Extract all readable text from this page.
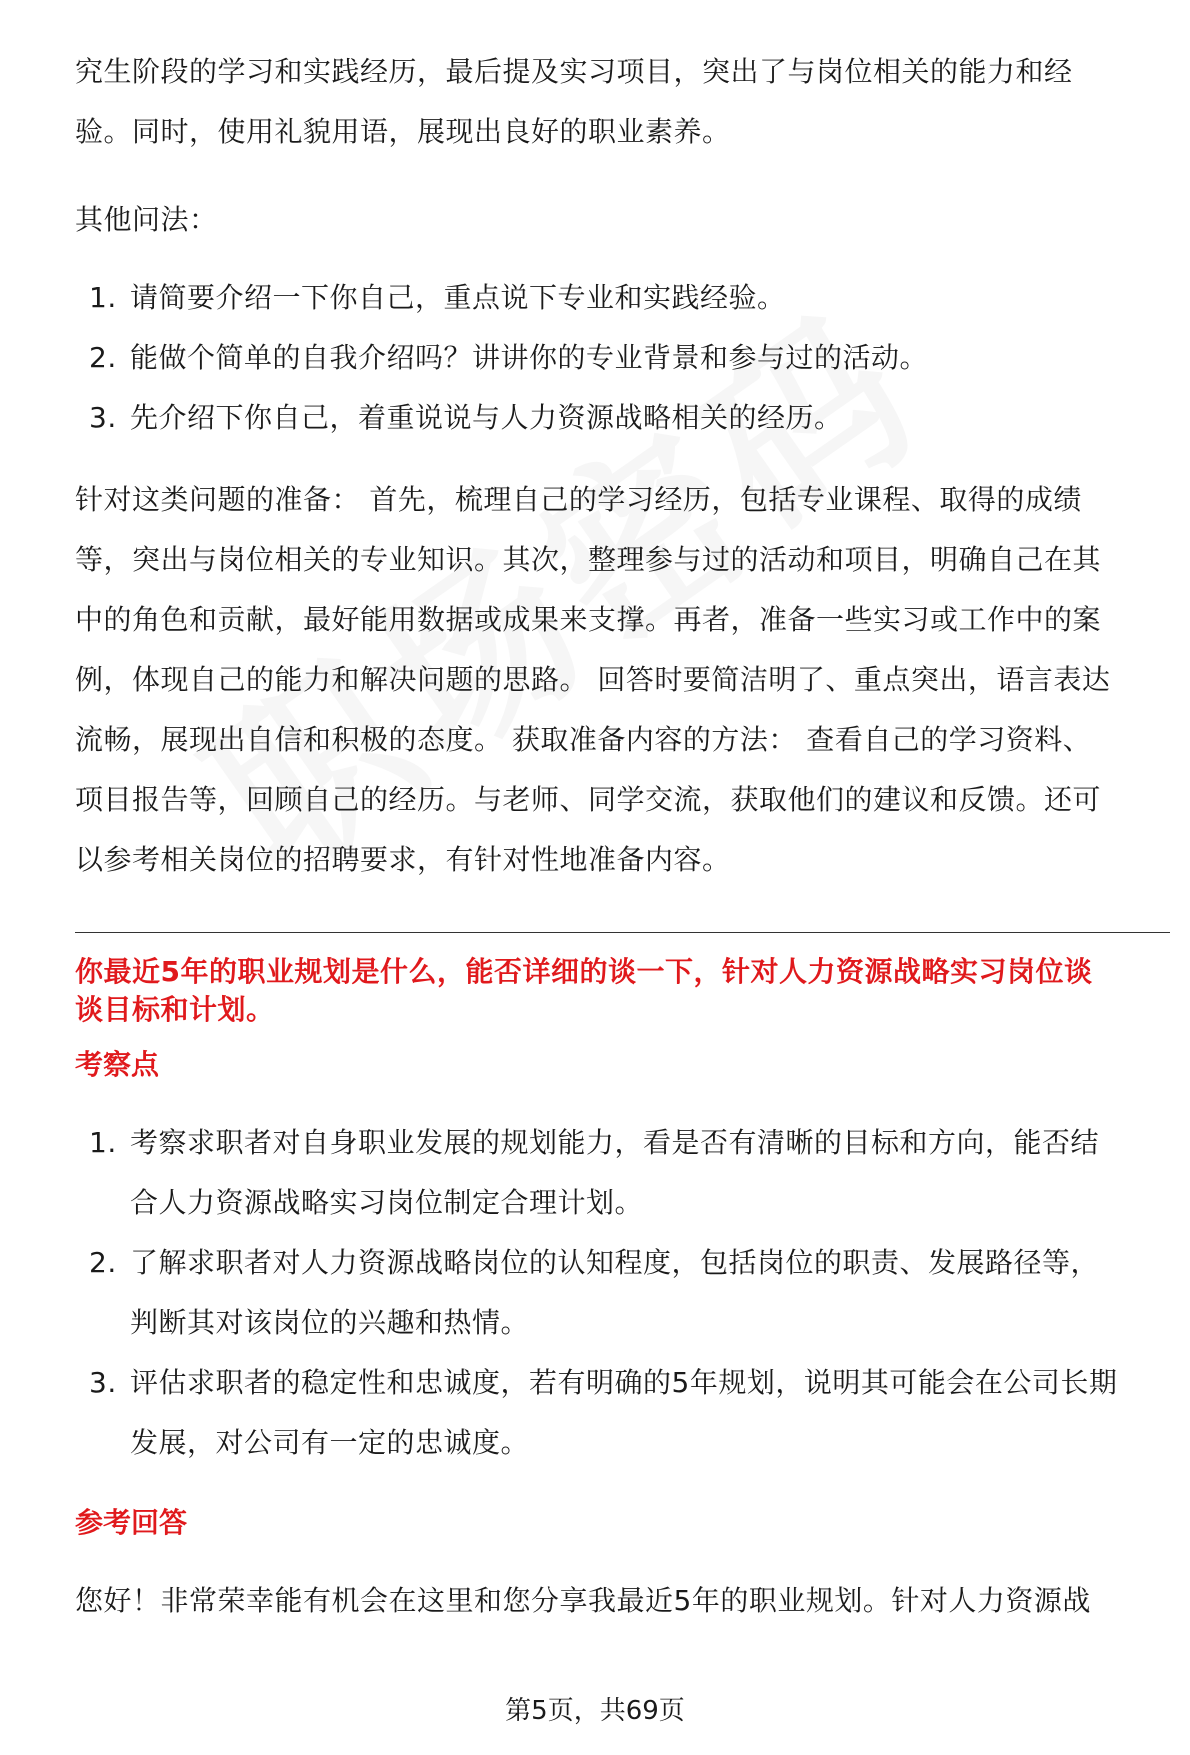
究生阶段的学习和实践经历，最后提及实习项目，突出了与岗位相关的能力和经

验。同时，使用礼貌用语，展现出良好的职业素养。

其他问法：

1. 请简要介绍一下你自己，重点说下专业和实践经验。
2. 能做个简单的自我介绍吗？讲讲你的专业背景和参与过的活动。
3. 先介绍下你自己，着重说说与人力资源战略相关的经历。

针对这类问题的准备： 首先，梳理自己的学习经历，包括专业课程、取得的成绩

等，突出与岗位相关的专业知识。其次，整理参与过的活动和项目，明确自己在其

中的角色和贡献，最好能用数据或成果来支撑。再者，准备一些实习或工作中的案

例，体现自己的能力和解决问题的思路。 回答时要简洁明了、重点突出，语言表达

流畅，展现出自信和积极的态度。 获取准备内容的方法： 查看自己的学习资料、

项目报告等，回顾自己的经历。与老师、同学交流，获取他们的建议和反馈。还可

以参考相关岗位的招聘要求，有针对性地准备内容。

你最近5年的职业规划是什么，能否详细的谈一下，针对人力资源战略实习岗位谈

谈目标和计划。

考察点

1. 考察求职者对自身职业发展的规划能力，看是否有清晰的目标和方向，能否结
合人力资源战略实习岗位制定合理计划。
2. 了解求职者对人力资源战略岗位的认知程度，包括岗位的职责、发展路径等，
判断其对该岗位的兴趣和热情。
3. 评估求职者的稳定性和忠诚度，若有明确的5年规划，说明其可能会在公司长期
发展，对公司有一定的忠诚度。

参考回答

您好！非常荣幸能有机会在这里和您分享我最近5年的职业规划。针对人力资源战

第5页，共69页
